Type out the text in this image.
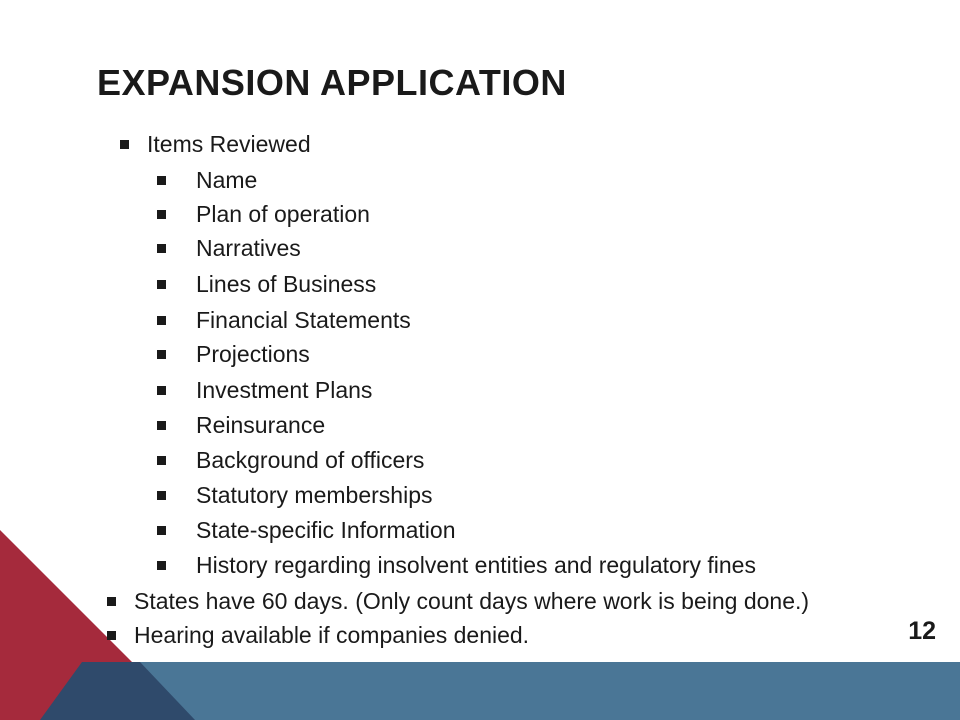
EXPANSION APPLICATION
Items Reviewed
Name
Plan of operation
Narratives
Lines of Business
Financial Statements
Projections
Investment Plans
Reinsurance
Background of officers
Statutory memberships
State-specific Information
History regarding insolvent entities and regulatory fines
States have 60 days. (Only count days where work is being done.)
Hearing available if companies denied.	12
